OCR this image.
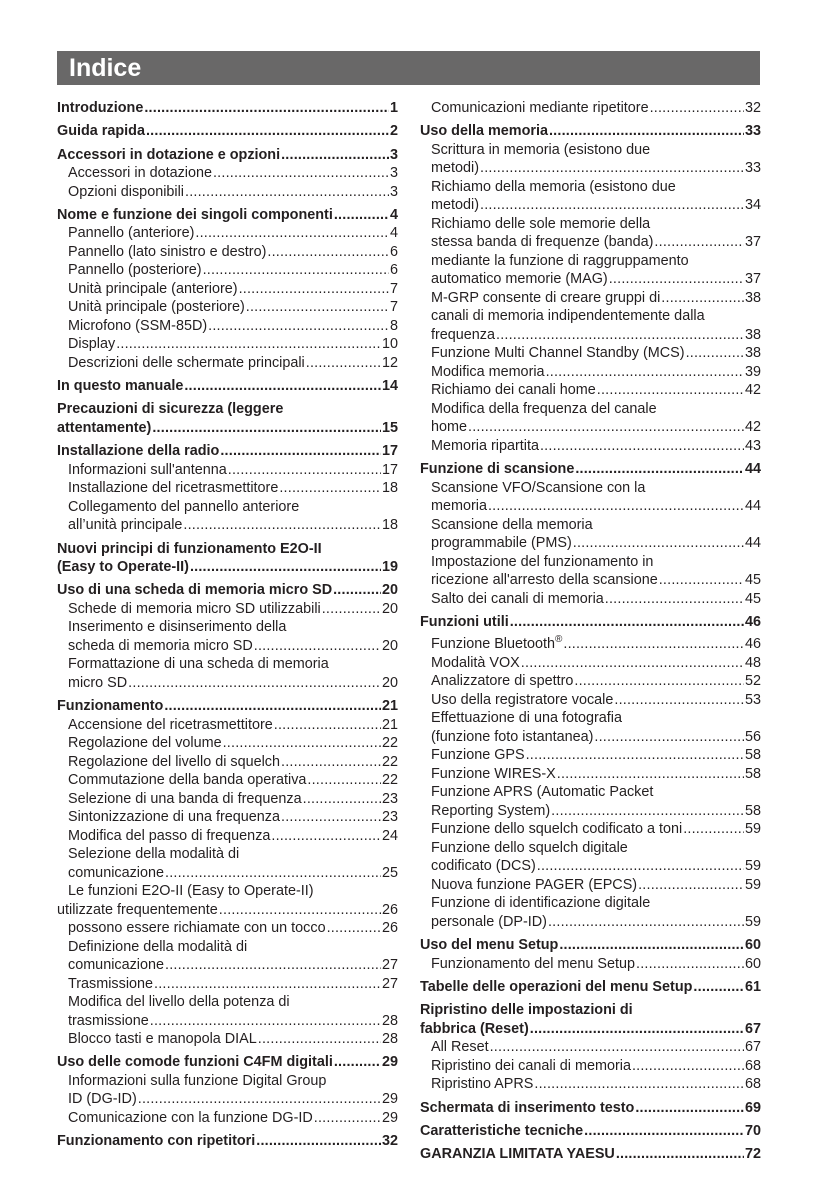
Indice
Introduzione .....	1
Guida rapida .....	2
Accessori in dotazione e opzioni .....	3
Accessori in dotazione .....	3
Opzioni disponibili .....	3
Nome e funzione dei singoli componenti .....	4
Pannello (anteriore) .....	4
Pannello (lato sinistro e destro) .....	6
Pannello (posteriore) .....	6
Unità principale (anteriore) .....	7
Unità principale (posteriore) .....	7
Microfono (SSM-85D) .....	8
Display .....	10
Descrizioni delle schermate principali .....	12
In questo manuale .....	14
Precauzioni di sicurezza (leggere
attentamente) .....	15
Installazione della radio .....	17
Informazioni sull'antenna .....	17
Installazione del ricetrasmettitore .....	18
Collegamento del pannello anteriore
all’unità principale .....	18
Nuovi principi di funzionamento E2O-II
(Easy to Operate-II) .....	19
Uso di una scheda di memoria micro SD .....	20
Schede di memoria micro SD utilizzabili .....	20
Inserimento e disinserimento della
scheda di memoria micro SD .....	20
Formattazione di una scheda di memoria
micro SD .....	20
Funzionamento .....	21
Accensione del ricetrasmettitore .....	21
Regolazione del volume .....	22
Regolazione del livello di squelch .....	22
Commutazione della banda operativa .....	22
Selezione di una banda di frequenza .....	23
Sintonizzazione di una frequenza .....	23
Modifica del passo di frequenza .....	24
Selezione della modalità di
comunicazione .....	25
Le funzioni E2O-II (Easy to Operate-II)
utilizzate frequentemente .....	26
possono essere richiamate con un tocco .....	26
Definizione della modalità di
comunicazione .....	27
Trasmissione .....	27
Modifica del livello della potenza di
trasmissione .....	28
Blocco tasti e manopola DIAL .....	28
Uso delle comode funzioni C4FM digitali .....	29
Informazioni sulla funzione Digital Group
ID (DG-ID) .....	29
Comunicazione con la funzione DG-ID .....	29
Funzionamento con ripetitori .....	32
Comunicazioni mediante ripetitore .....	32
Uso della memoria .....	33
Scrittura in memoria (esistono due
metodi) .....	33
Richiamo della memoria (esistono due
metodi) .....	34
Richiamo delle sole memorie della
stessa banda di frequenze (banda) .....	37
mediante la funzione di raggruppamento
automatico memorie (MAG) .....	37
M-GRP consente di creare gruppi di .....	38
canali di memoria indipendentemente dalla
frequenza .....	38
Funzione Multi Channel Standby (MCS) .....	38
Modifica memoria .....	39
Richiamo dei canali home .....	42
Modifica della frequenza del canale
home .....	42
Memoria ripartita .....	43
Funzione di scansione .....	44
Scansione VFO/Scansione con la
memoria .....	44
Scansione della memoria
programmabile (PMS) .....	44
Impostazione del funzionamento in
ricezione all'arresto della scansione .....	45
Salto dei canali di memoria .....	45
Funzioni utili .....	46
Funzione Bluetooth® .....	46
Modalità VOX .....	48
Analizzatore di spettro .....	52
Uso della registratore vocale .....	53
Effettuazione di una fotografia
(funzione foto istantanea) .....	56
Funzione GPS .....	58
Funzione WIRES-X .....	58
Funzione APRS (Automatic Packet
Reporting System) .....	58
Funzione dello squelch codificato a toni .....	59
Funzione dello squelch digitale
codificato (DCS) .....	59
Nuova funzione PAGER (EPCS) .....	59
Funzione di identificazione digitale
personale (DP-ID) .....	59
Uso del menu Setup .....	60
Funzionamento del menu Setup .....	60
Tabelle delle operazioni del menu Setup .....	61
Ripristino delle impostazioni di
fabbrica (Reset) .....	67
All Reset .....	67
Ripristino dei canali di memoria .....	68
Ripristino APRS .....	68
Schermata di inserimento testo .....	69
Caratteristiche tecniche .....	70
GARANZIA LIMITATA YAESU .....	72
